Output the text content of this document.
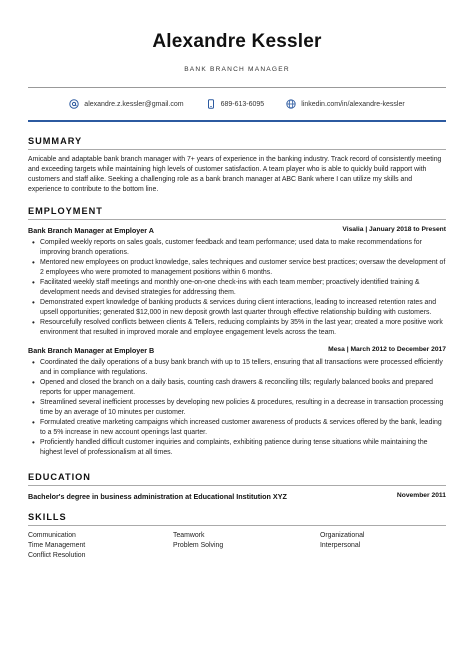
Alexandre Kessler
BANK BRANCH MANAGER
alexandre.z.kessler@gmail.com	689-613-6095	linkedin.com/in/alexandre-kessler
SUMMARY

Amicable and adaptable bank branch manager with 7+ years of experience in the banking industry. Track record of consistently meeting and exceeding targets while maintaining high levels of customer satisfaction. A team player who is able to quickly build rapport with customers and staff alike. Seeking a challenging role as a bank branch manager at ABC Bank where I can utilize my skills and experience to contribute to the bottom line.

EMPLOYMENT
Bank Branch Manager at Employer A	Visalia | January 2018 to Present
• Compiled weekly reports on sales goals, customer feedback and team performance; used data to make recommendations for improving branch operations.
• Mentored new employees on product knowledge, sales techniques and customer service best practices; oversaw the development of 2 employees who were promoted to management positions within 6 months.
• Facilitated weekly staff meetings and monthly one-on-one check-ins with each team member; proactively identified training & development needs and devised strategies for addressing them.
• Demonstrated expert knowledge of banking products & services during client interactions, leading to increased retention rates and upsell opportunities; generated $12,000 in new deposit growth last quarter through effective relationship building with customers.
• Resourcefully resolved conflicts between clients & Tellers, reducing complaints by 35% in the last year; created a more positive work environment that resulted in improved morale and employee engagement levels across the team.
Bank Branch Manager at Employer B	Mesa | March 2012 to December 2017
• Coordinated the daily operations of a busy bank branch with up to 15 tellers, ensuring that all transactions were processed efficiently and in compliance with regulations.
• Opened and closed the branch on a daily basis, counting cash drawers & reconciling tills; regularly balanced books and prepared reports for upper management.
• Streamlined several inefficient processes by developing new policies & procedures, resulting in a decrease in transaction processing time by an average of 10 minutes per customer.
• Formulated creative marketing campaigns which increased customer awareness of products & services offered by the bank, leading to a 5% increase in new account openings last quarter.
• Proficiently handled difficult customer inquiries and complaints, exhibiting patience during tense situations while maintaining the highest level of professionalism at all times.
EDUCATION
Bachelor's degree in business administration at Educational Institution XYZ	November 2011
SKILLS
Communication	Teamwork	Organizational
Time Management	Problem Solving	Interpersonal
Conflict Resolution
